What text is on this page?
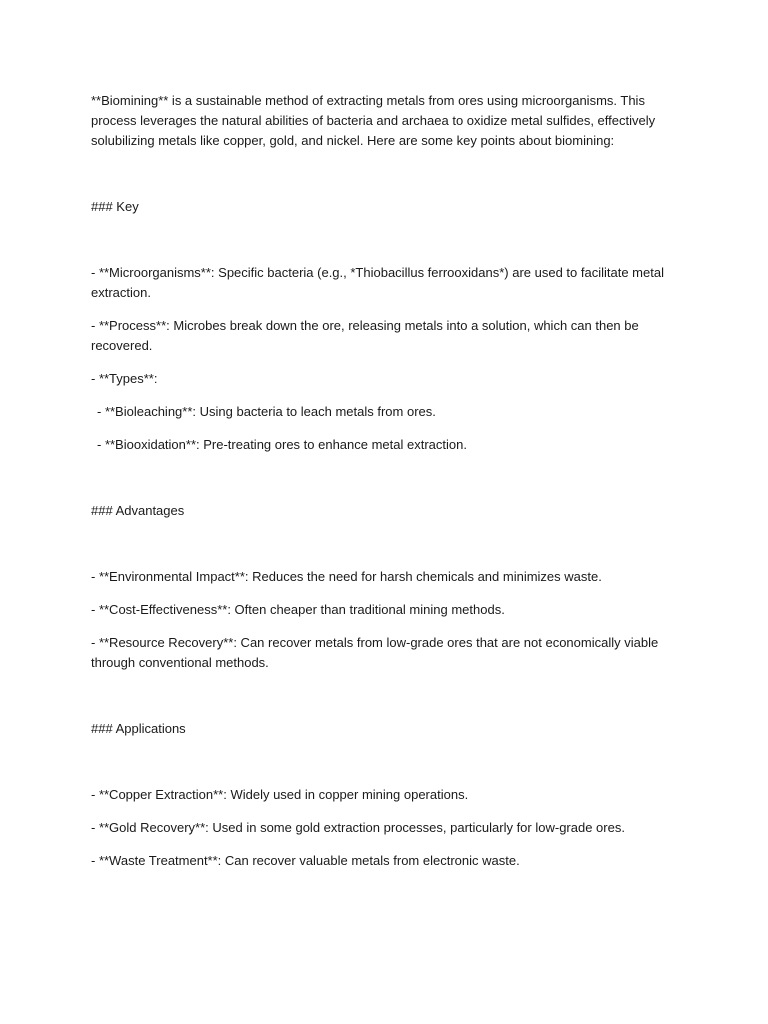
**Biomining** is a sustainable method of extracting metals from ores using microorganisms. This process leverages the natural abilities of bacteria and archaea to oxidize metal sulfides, effectively solubilizing metals like copper, gold, and nickel. Here are some key points about biomining:

### Key

- **Microorganisms**: Specific bacteria (e.g., *Thiobacillus ferrooxidans*) are used to facilitate metal extraction.

- **Process**: Microbes break down the ore, releasing metals into a solution, which can then be recovered.

- **Types**:

- **Bioleaching**: Using bacteria to leach metals from ores.

- **Biooxidation**: Pre-treating ores to enhance metal extraction.

### Advantages

- **Environmental Impact**: Reduces the need for harsh chemicals and minimizes waste.

- **Cost-Effectiveness**: Often cheaper than traditional mining methods.

- **Resource Recovery**: Can recover metals from low-grade ores that are not economically viable through conventional methods.

### Applications

- **Copper Extraction**: Widely used in copper mining operations.

- **Gold Recovery**: Used in some gold extraction processes, particularly for low-grade ores.

- **Waste Treatment**: Can recover valuable metals from electronic waste.
